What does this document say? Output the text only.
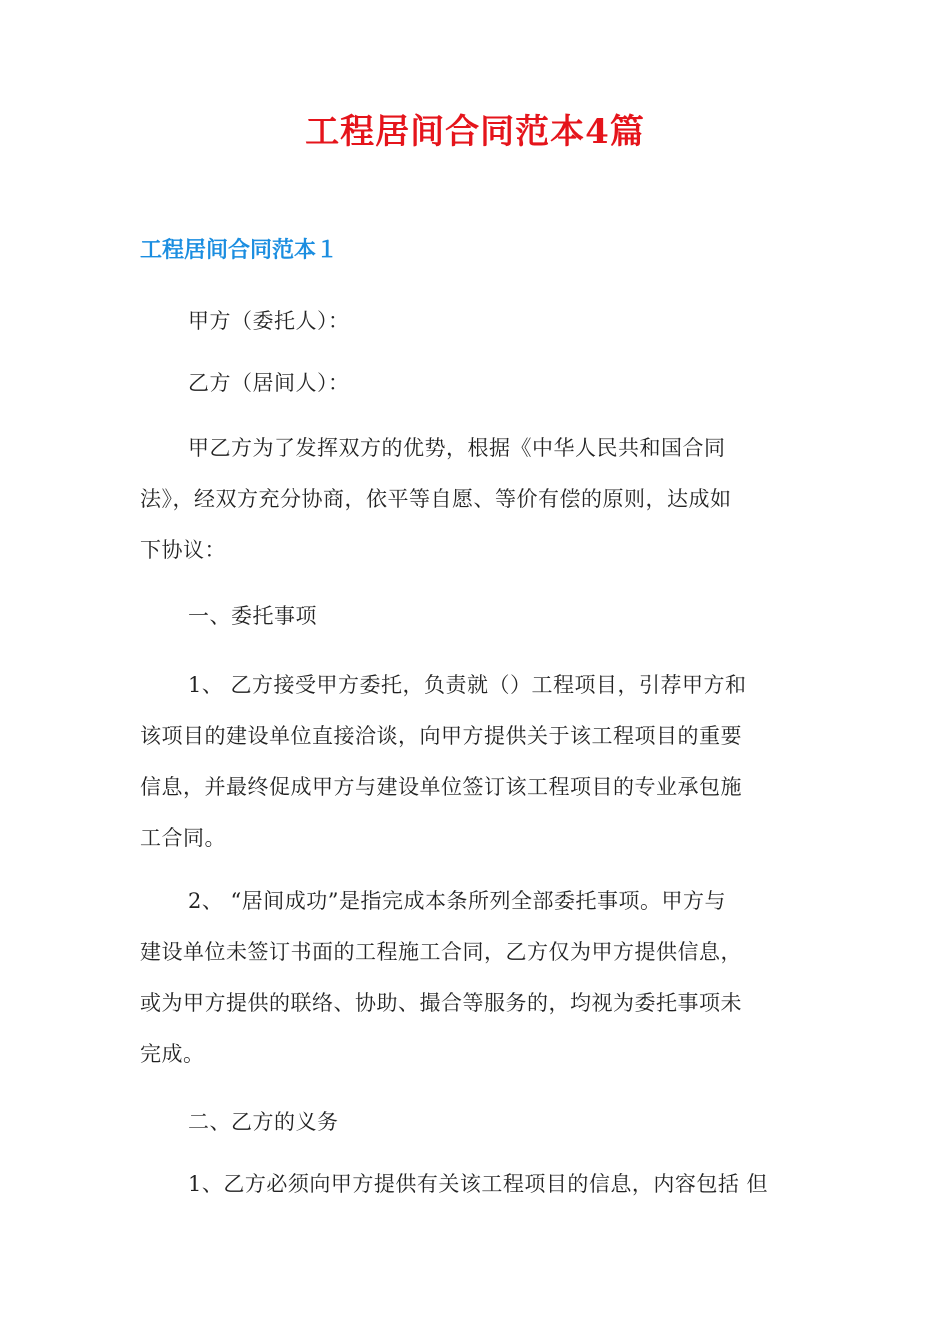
工程居间合同范本4篇
工程居间合同范本１

甲方（委托人）：

乙方（居间人）：

甲乙方为了发挥双方的优势，根据《中华人民共和国合同
法》，经双方充分协商，依平等自愿、等价有偿的原则，达成如
下协议：

一、委托事项

1、 乙方接受甲方委托，负责就（）工程项目，引荐甲方和
该项目的建设单位直接洽谈，向甲方提供关于该工程项目的重要
信息，并最终促成甲方与建设单位签订该工程项目的专业承包施
工合同。

2、 “居间成功”是指完成本条所列全部委托事项。甲方与
建设单位未签订书面的工程施工合同，乙方仅为甲方提供信息，
或为甲方提供的联络、协助、撮合等服务的，均视为委托事项未
完成。

二、乙方的义务

1、乙方必须向甲方提供有关该工程项目的信息，内容包括 但
